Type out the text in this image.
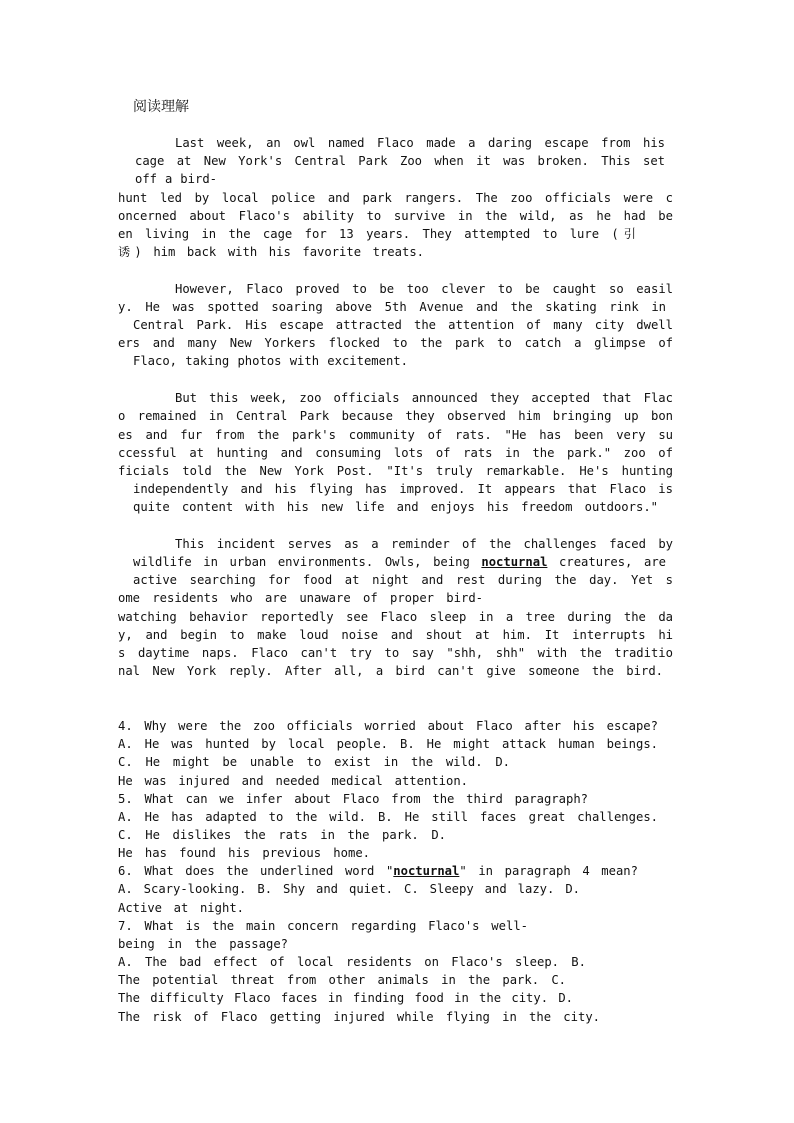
阅读理解
Last week, an owl named Flaco made a daring escape from his
cage at New York's Central Park Zoo when it was broken. This set
off a bird-
hunt led by local police and park rangers. The zoo officials were c
oncerned about Flaco's ability to survive in the wild, as he had be
en living in the cage for 13 years. They attempted to lure (引
诱) him back with his favorite treats.
However, Flaco proved to be too clever to be caught so easil
y. He was spotted soaring above 5th Avenue and the skating rink in
Central Park. His escape attracted the attention of many city dwell
ers and many New Yorkers flocked to the park to catch a glimpse of
Flaco, taking photos with excitement.
But this week, zoo officials announced they accepted that Flac
o remained in Central Park because they observed him bringing up bon
es and fur from the park's community of rats. "He has been very su
ccessful at hunting and consuming lots of rats in the park." zoo of
ficials told the New York Post. "It's truly remarkable. He's hunting
independently and his flying has improved. It appears that Flaco is
quite content with his new life and enjoys his freedom outdoors."
This incident serves as a reminder of the challenges faced by
wildlife in urban environments. Owls, being nocturnal creatures, are
active searching for food at night and rest during the day. Yet s
ome residents who are unaware of proper bird-
watching behavior reportedly see Flaco sleep in a tree during the da
y, and begin to make loud noise and shout at him. It interrupts hi
s daytime naps. Flaco can't try to say "shh, shh" with the traditio
nal New York reply. After all, a bird can't give someone the bird.
4. Why were the zoo officials worried about Flaco after his escape?
A. He was hunted by local people. B. He might attack human beings.
C. He might be unable to exist in the wild. D.
He was injured and needed medical attention.
5. What can we infer about Flaco from the third paragraph?
A. He has adapted to the wild. B. He still faces great challenges.
C. He dislikes the rats in the park. D.
He has found his previous home.
6. What does the underlined word "nocturnal" in paragraph 4 mean?
A. Scary-looking. B. Shy and quiet. C. Sleepy and lazy. D.
Active at night.
7. What is the main concern regarding Flaco's well-
being in the passage?
A. The bad effect of local residents on Flaco's sleep. B.
The potential threat from other animals in the park. C.
The difficulty Flaco faces in finding food in the city. D.
The risk of Flaco getting injured while flying in the city.
